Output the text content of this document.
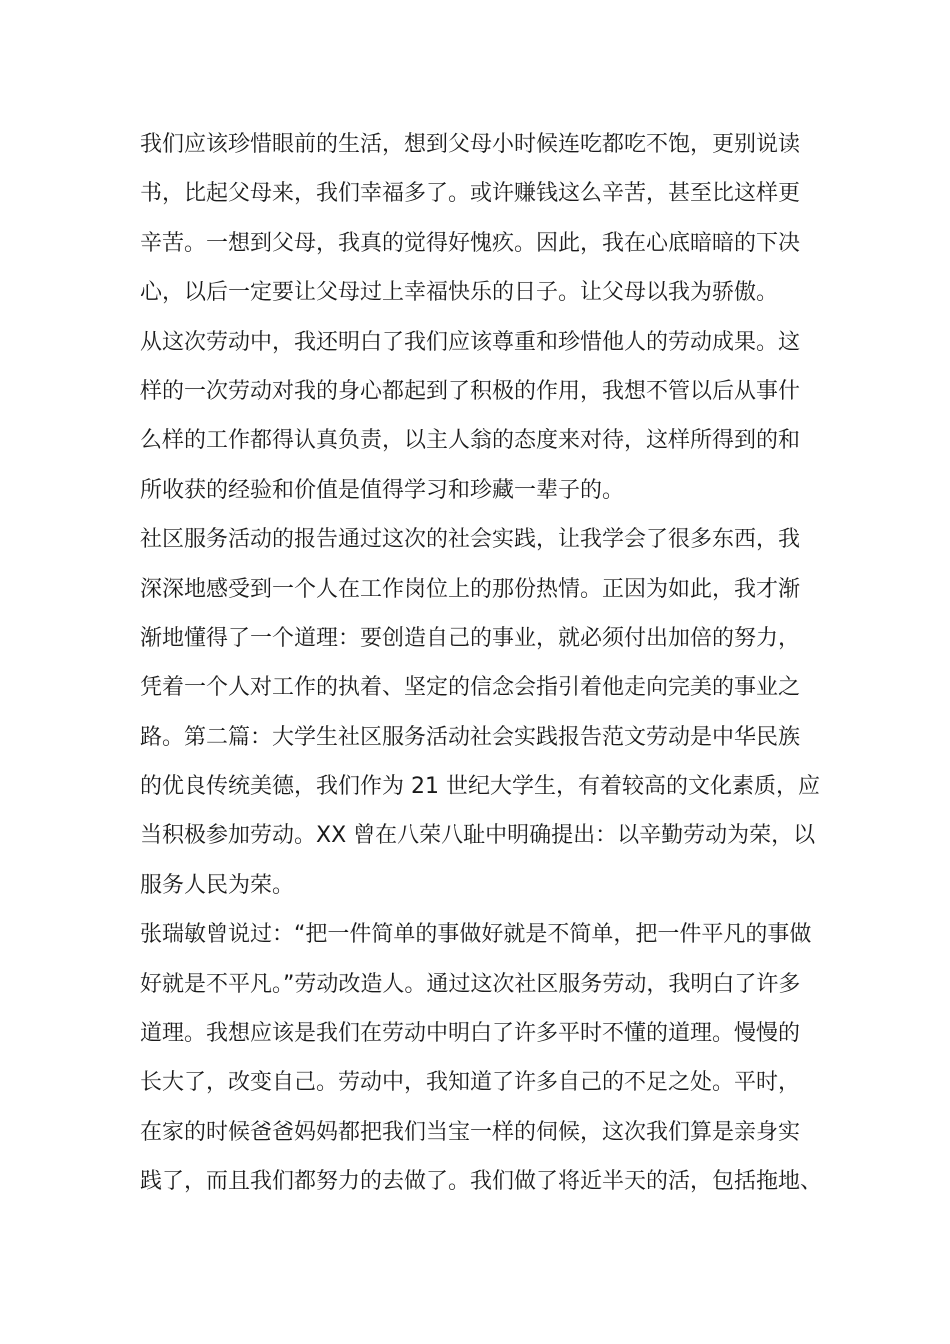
我们应该珍惜眼前的生活，想到父母小时候连吃都吃不饱，更别说读
书，比起父母来，我们幸福多了。或许赚钱这么辛苦，甚至比这样更
辛苦。一想到父母，我真的觉得好愧疚。因此，我在心底暗暗的下决
心，以后一定要让父母过上幸福快乐的日子。让父母以我为骄傲。
从这次劳动中，我还明白了我们应该尊重和珍惜他人的劳动成果。这
样的一次劳动对我的身心都起到了积极的作用，我想不管以后从事什
么样的工作都得认真负责，以主人翁的态度来对待，这样所得到的和
所收获的经验和价值是值得学习和珍藏一辈子的。
社区服务活动的报告通过这次的社会实践，让我学会了很多东西，我
深深地感受到一个人在工作岗位上的那份热情。正因为如此，我才渐
渐地懂得了一个道理：要创造自己的事业，就必须付出加倍的努力，
凭着一个人对工作的执着、坚定的信念会指引着他走向完美的事业之
路。第二篇：大学生社区服务活动社会实践报告范文劳动是中华民族
的优良传统美德，我们作为 21 世纪大学生，有着较高的文化素质，应
当积极参加劳动。XX 曾在八荣八耻中明确提出：以辛勤劳动为荣，以
服务人民为荣。
张瑞敏曾说过：“把一件简单的事做好就是不简单，把一件平凡的事做
好就是不平凡。”劳动改造人。通过这次社区服务劳动，我明白了许多
道理。我想应该是我们在劳动中明白了许多平时不懂的道理。慢慢的
长大了，改变自己。劳动中，我知道了许多自己的不足之处。平时，
在家的时候爸爸妈妈都把我们当宝一样的伺候，这次我们算是亲身实
践了，而且我们都努力的去做了。我们做了将近半天的活，包括拖地、
